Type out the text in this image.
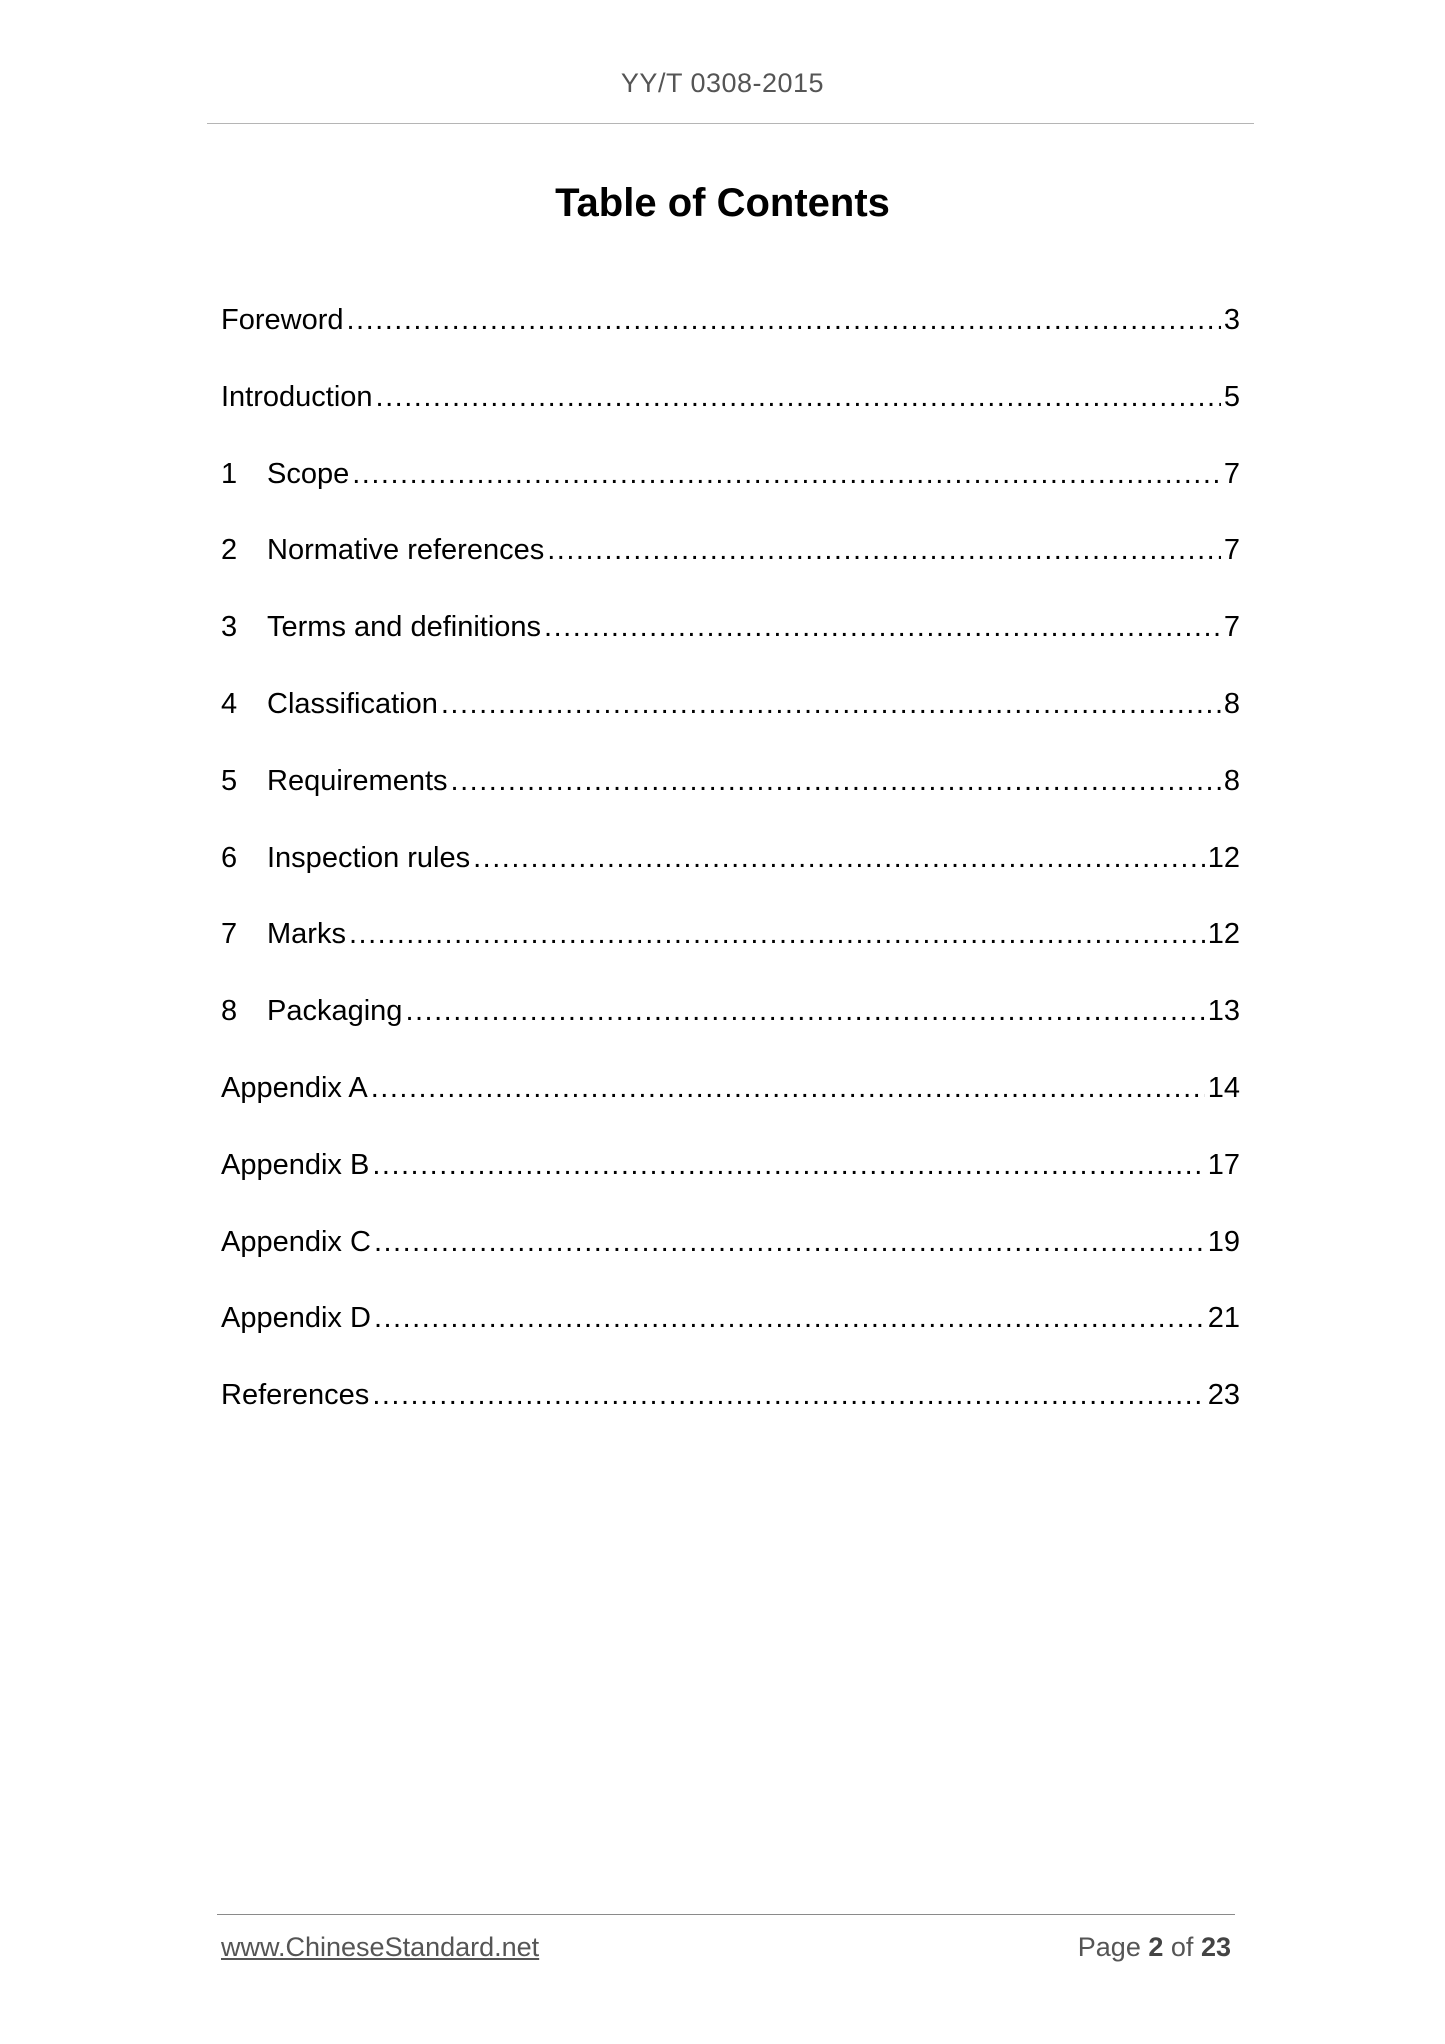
YY/T 0308-2015
Table of Contents
Foreword .....	3
Introduction .....	5
1	Scope .....	7
2	Normative references .....	7
3	Terms and definitions .....	7
4	Classification .....	8
5	Requirements .....	8
6	Inspection rules .....	12
7	Marks .....	12
8	Packaging .....	13
Appendix A .....	14
Appendix B .....	17
Appendix C .....	19
Appendix D .....	21
References .....	23
www.ChineseStandard.net	Page 2 of 23
